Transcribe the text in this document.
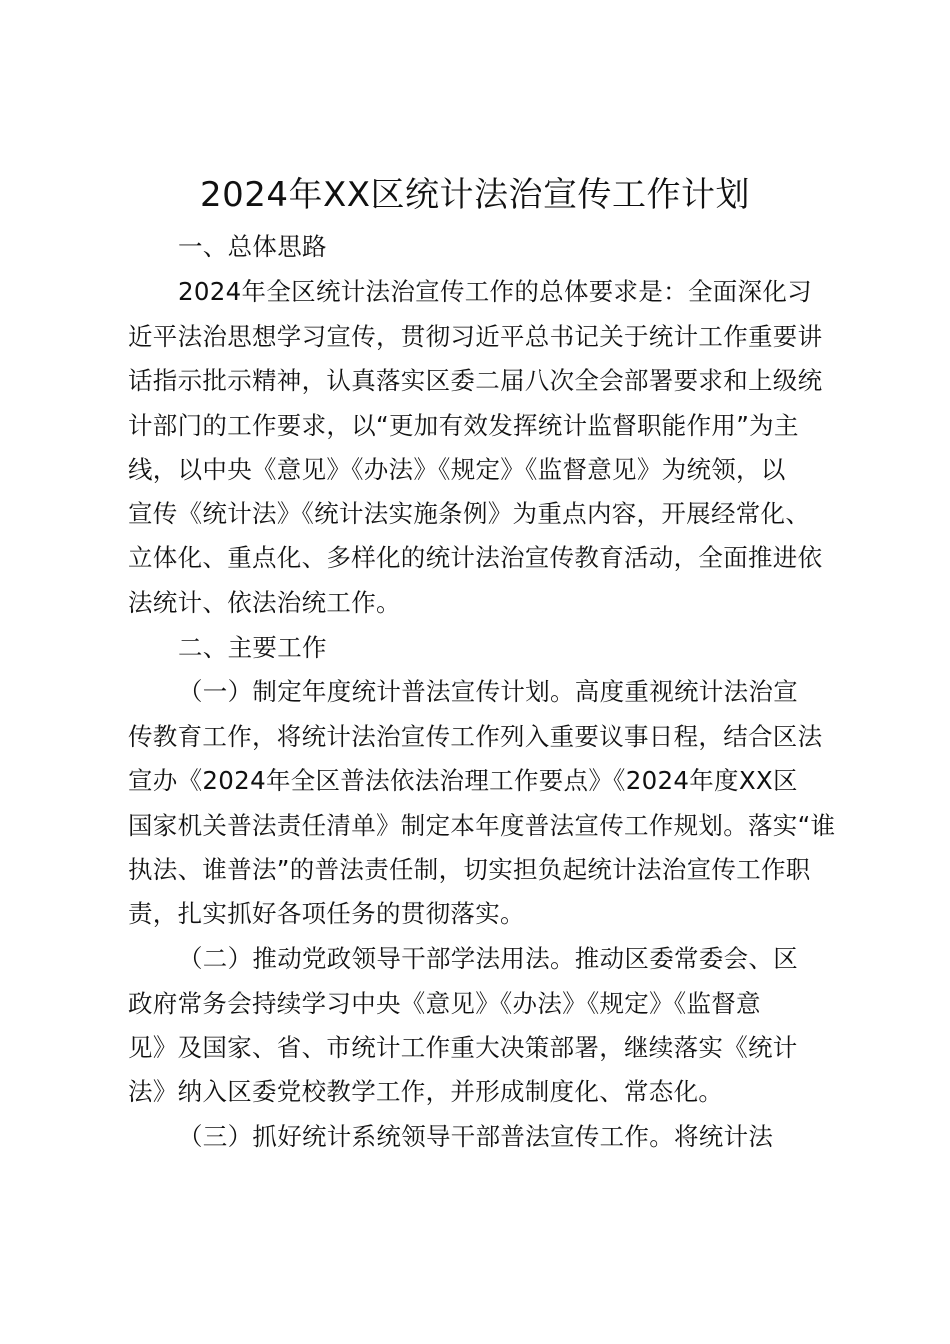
2024年XX区统计法治宣传工作计划
一、总体思路
2024年全区统计法治宣传工作的总体要求是：全面深化习
近平法治思想学习宣传，贯彻习近平总书记关于统计工作重要讲
话指示批示精神，认真落实区委二届八次全会部署要求和上级统
计部门的工作要求，以“更加有效发挥统计监督职能作用”为主
线，以中央《意见》《办法》《规定》《监督意见》为统领，以
宣传《统计法》《统计法实施条例》为重点内容，开展经常化、
立体化、重点化、多样化的统计法治宣传教育活动，全面推进依
法统计、依法治统工作。
二、主要工作
（一）制定年度统计普法宣传计划。高度重视统计法治宣
传教育工作，将统计法治宣传工作列入重要议事日程，结合区法
宣办《2024年全区普法依法治理工作要点》《2024年度XX区
国家机关普法责任清单》制定本年度普法宣传工作规划。落实“谁
执法、谁普法”的普法责任制，切实担负起统计法治宣传工作职
责，扎实抓好各项任务的贯彻落实。
（二）推动党政领导干部学法用法。推动区委常委会、区
政府常务会持续学习中央《意见》《办法》《规定》《监督意
见》及国家、省、市统计工作重大决策部署，继续落实《统计
法》纳入区委党校教学工作，并形成制度化、常态化。
（三）抓好统计系统领导干部普法宣传工作。将统计法
